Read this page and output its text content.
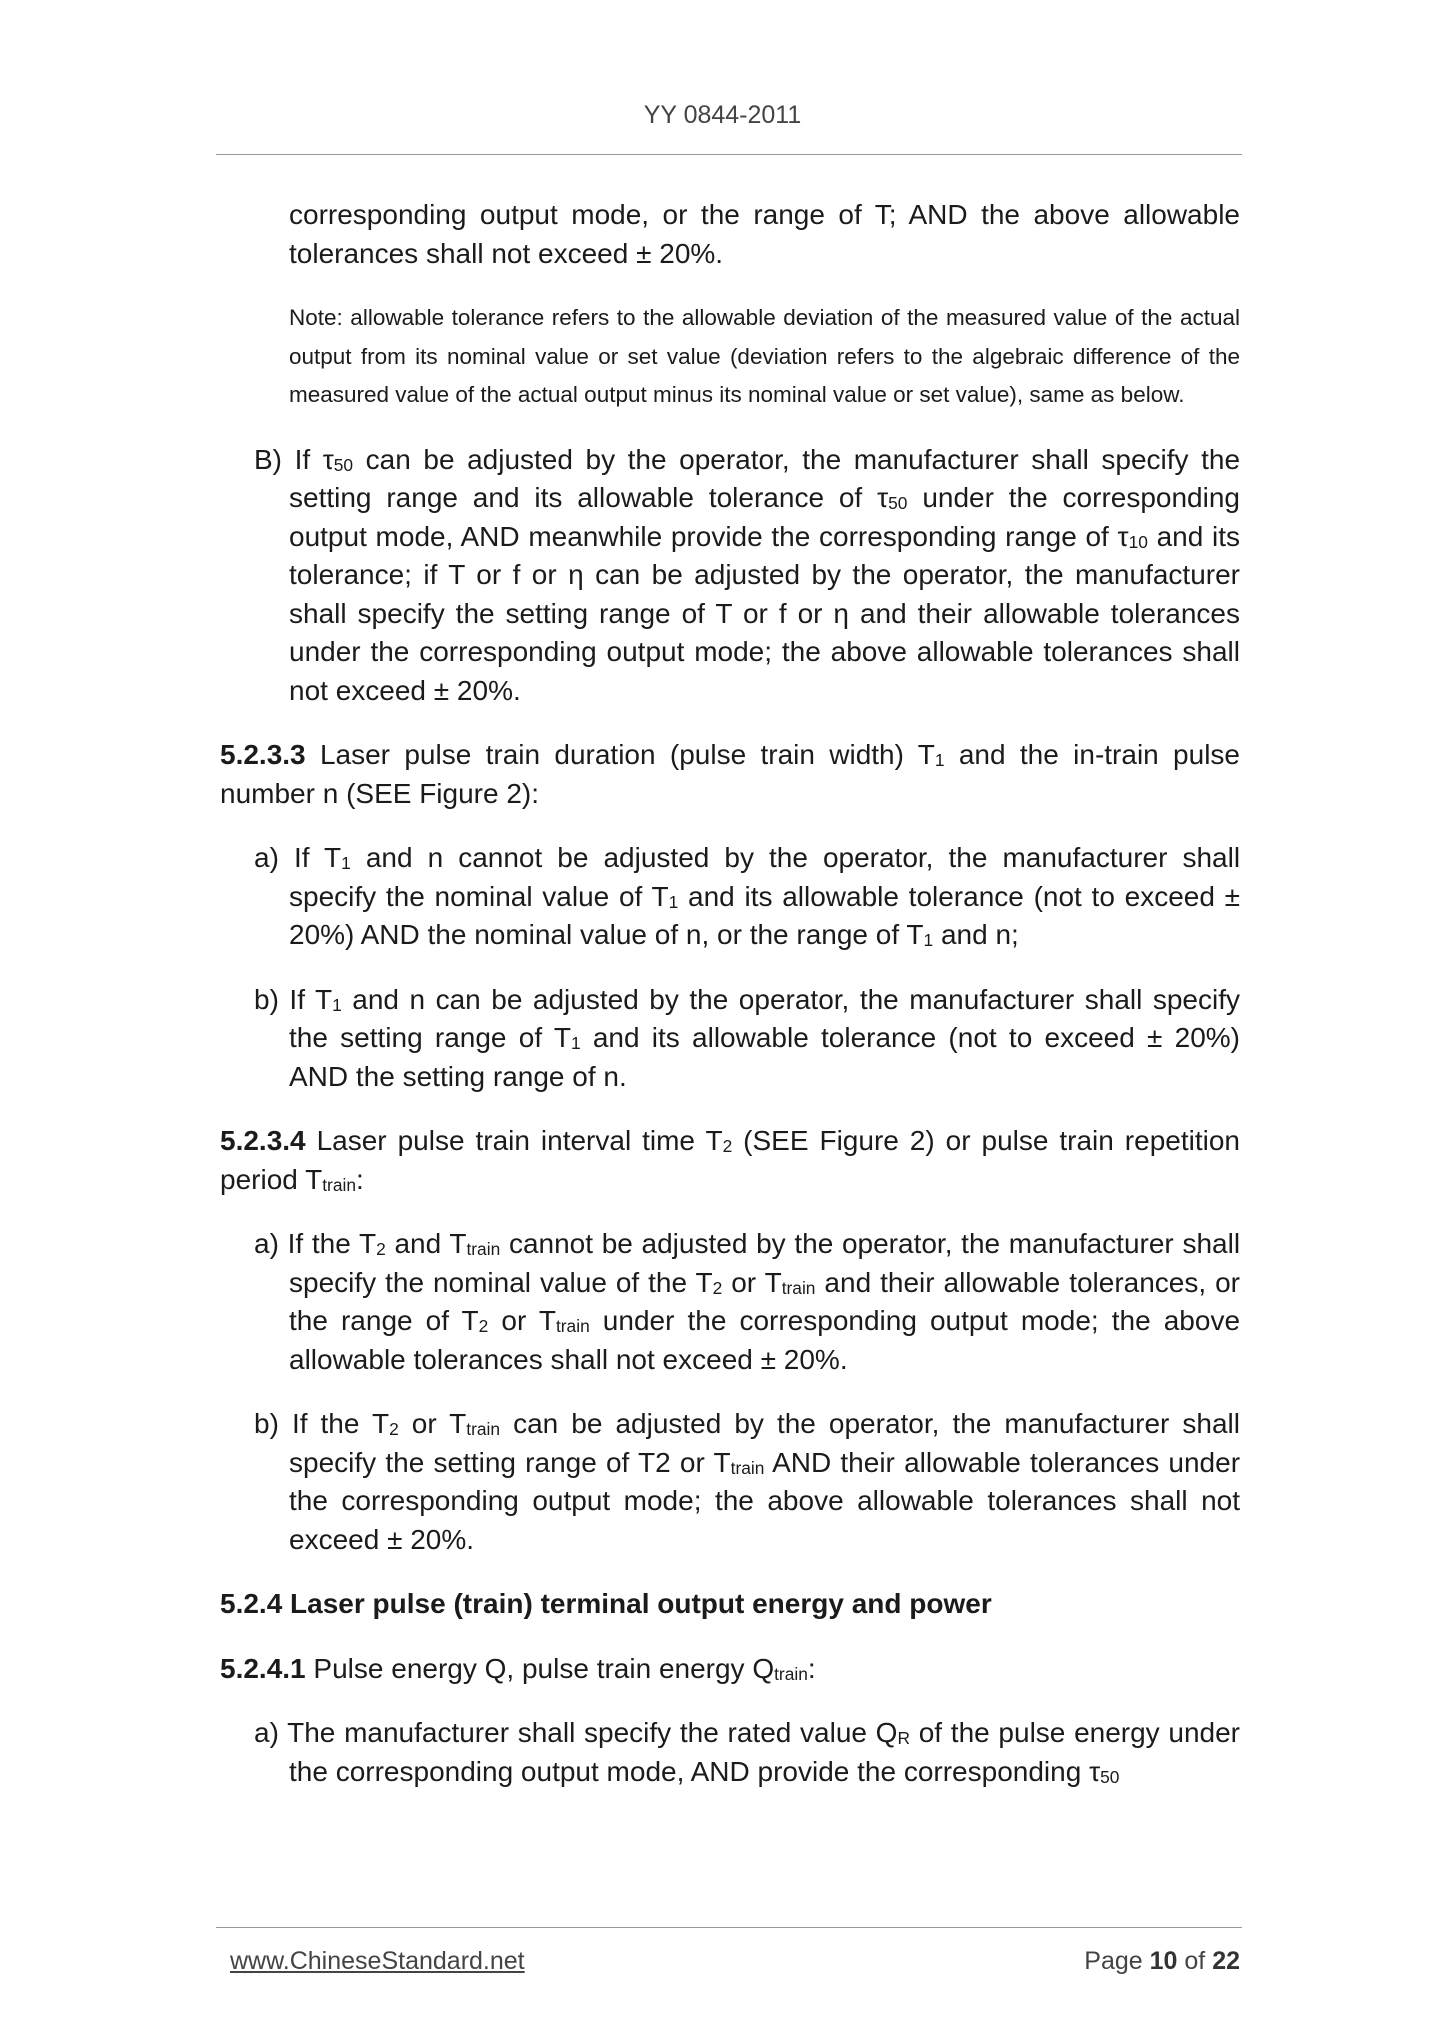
YY 0844-2011

corresponding output mode, or the range of T; AND the above allowable tolerances shall not exceed ± 20%.

Note: allowable tolerance refers to the allowable deviation of the measured value of the actual output from its nominal value or set value (deviation refers to the algebraic difference of the measured value of the actual output minus its nominal value or set value), same as below.

B) If $\tau_{50}$ can be adjusted by the operator, the manufacturer shall specify the setting range and its allowable tolerance of $\tau_{50}$ under the corresponding output mode, AND meanwhile provide the corresponding range of $\tau_{10}$ and its tolerance; if T or f or η can be adjusted by the operator, the manufacturer shall specify the setting range of T or f or η and their allowable tolerances under the corresponding output mode; the above allowable tolerances shall not exceed ± 20%.

5.2.3.3 Laser pulse train duration (pulse train width) $T_1$ and the in-train pulse number n (SEE Figure 2):

a) If $T_1$ and n cannot be adjusted by the operator, the manufacturer shall specify the nominal value of $T_1$ and its allowable tolerance (not to exceed ± 20%) AND the nominal value of n, or the range of $T_1$ and n;

b) If $T_1$ and n can be adjusted by the operator, the manufacturer shall specify the setting range of $T_1$ and its allowable tolerance (not to exceed ± 20%) AND the setting range of n.

5.2.3.4 Laser pulse train interval time $T_2$ (SEE Figure 2) or pulse train repetition period $T_{train}$:

a) If the $T_2$ and $T_{train}$ cannot be adjusted by the operator, the manufacturer shall specify the nominal value of the $T_2$ or $T_{train}$ and their allowable tolerances, or the range of $T_2$ or $T_{train}$ under the corresponding output mode; the above allowable tolerances shall not exceed ± 20%.

b) If the $T_2$ or $T_{train}$ can be adjusted by the operator, the manufacturer shall specify the setting range of T2 or $T_{train}$ AND their allowable tolerances under the corresponding output mode; the above allowable tolerances shall not exceed ± 20%.

5.2.4 Laser pulse (train) terminal output energy and power

5.2.4.1 Pulse energy Q, pulse train energy $Q_{train}$:

a) The manufacturer shall specify the rated value $Q_R$ of the pulse energy under the corresponding output mode, AND provide the corresponding $\tau_{50}$

www.ChineseStandard.net	Page 10 of 22
